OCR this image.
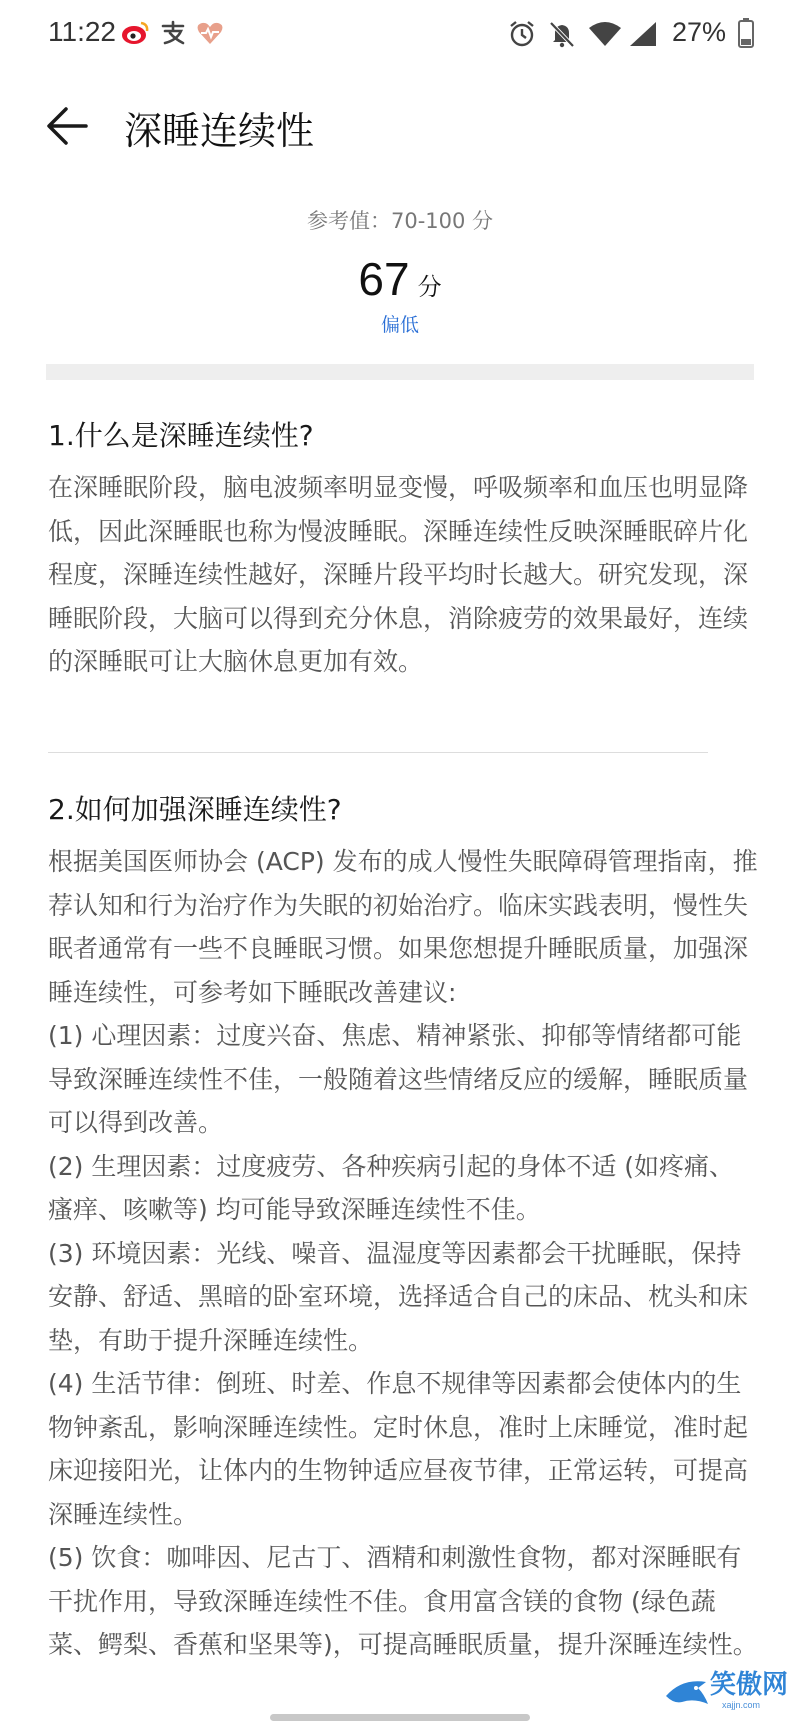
11:22	27%
深睡连续性
参考值：70-100 分
67 分
偏低
1.什么是深睡连续性?

在深睡眠阶段，脑电波频率明显变慢，呼吸频率和血压也明显降低，因此深睡眠也称为慢波睡眠。深睡连续性反映深睡眠碎片化程度，深睡连续性越好，深睡片段平均时长越大。研究发现，深睡眠阶段，大脑可以得到充分休息，消除疲劳的效果最好，连续的深睡眠可让大脑休息更加有效。

2.如何加强深睡连续性?

根据美国医师协会 (ACP) 发布的成人慢性失眠障碍管理指南，推荐认知和行为治疗作为失眠的初始治疗。临床实践表明，慢性失眠者通常有一些不良睡眠习惯。如果您想提升睡眠质量，加强深睡连续性，可参考如下睡眠改善建议:

(1) 心理因素：过度兴奋、焦虑、精神紧张、抑郁等情绪都可能导致深睡连续性不佳，一般随着这些情绪反应的缓解，睡眠质量可以得到改善。

(2) 生理因素：过度疲劳、各种疾病引起的身体不适 (如疼痛、瘙痒、咳嗽等) 均可能导致深睡连续性不佳。

(3) 环境因素：光线、噪音、温湿度等因素都会干扰睡眠，保持安静、舒适、黑暗的卧室环境，选择适合自己的床品、枕头和床垫，有助于提升深睡连续性。

(4) 生活节律：倒班、时差、作息不规律等因素都会使体内的生物钟紊乱，影响深睡连续性。定时休息，准时上床睡觉，准时起床迎接阳光，让体内的生物钟适应昼夜节律，正常运转，可提高深睡连续性。

(5) 饮食：咖啡因、尼古丁、酒精和刺激性食物，都对深睡眠有干扰作用，导致深睡连续性不佳。食用富含镁的食物 (绿色蔬菜、鳄梨、香蕉和坚果等)，可提高睡眠质量，提升深睡连续性。

笑傲网
xajjn.com
